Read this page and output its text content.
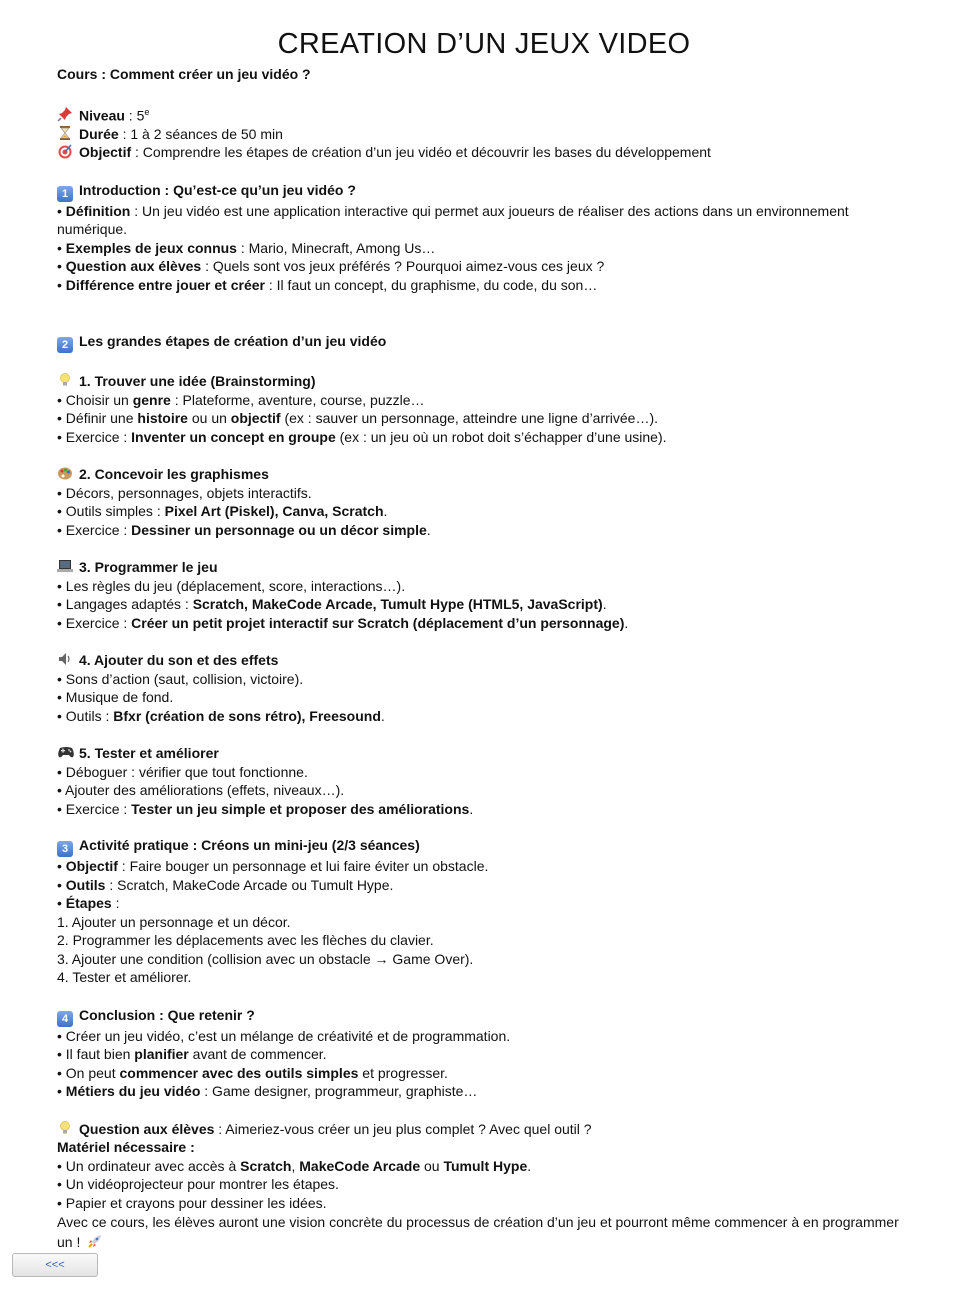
CREATION D’UN JEUX VIDEO

Cours : Comment créer un jeu vidéo ?

Niveau : 5e

Durée : 1 à 2 séances de 50 min

Objectif : Comprendre les étapes de création d’un jeu vidéo et découvrir les bases du développement

1 Introduction : Qu’est-ce qu’un jeu vidéo ?

• Définition : Un jeu vidéo est une application interactive qui permet aux joueurs de réaliser des actions dans un environnement numérique.

• Exemples de jeux connus : Mario, Minecraft, Among Us…

• Question aux élèves : Quels sont vos jeux préférés ? Pourquoi aimez-vous ces jeux ?

• Différence entre jouer et créer : Il faut un concept, du graphisme, du code, du son…

2 Les grandes étapes de création d’un jeu vidéo

1. Trouver une idée (Brainstorming)

• Choisir un genre : Plateforme, aventure, course, puzzle…

• Définir une histoire ou un objectif (ex : sauver un personnage, atteindre une ligne d’arrivée…).

• Exercice : Inventer un concept en groupe (ex : un jeu où un robot doit s’échapper d’une usine).

2. Concevoir les graphismes

• Décors, personnages, objets interactifs.

• Outils simples : Pixel Art (Piskel), Canva, Scratch.

• Exercice : Dessiner un personnage ou un décor simple.

3. Programmer le jeu

• Les règles du jeu (déplacement, score, interactions…).

• Langages adaptés : Scratch, MakeCode Arcade, Tumult Hype (HTML5, JavaScript).

• Exercice : Créer un petit projet interactif sur Scratch (déplacement d’un personnage).

4. Ajouter du son et des effets

• Sons d’action (saut, collision, victoire).

• Musique de fond.

• Outils : Bfxr (création de sons rétro), Freesound.

5. Tester et améliorer

• Déboguer : vérifier que tout fonctionne.

• Ajouter des améliorations (effets, niveaux…).

• Exercice : Tester un jeu simple et proposer des améliorations.

3 Activité pratique : Créons un mini-jeu (2/3 séances)

• Objectif : Faire bouger un personnage et lui faire éviter un obstacle.

• Outils : Scratch, MakeCode Arcade ou Tumult Hype.

• Étapes :

1. Ajouter un personnage et un décor.

2. Programmer les déplacements avec les flèches du clavier.

3. Ajouter une condition (collision avec un obstacle → Game Over).

4. Tester et améliorer.

4 Conclusion : Que retenir ?

• Créer un jeu vidéo, c’est un mélange de créativité et de programmation.

• Il faut bien planifier avant de commencer.

• On peut commencer avec des outils simples et progresser.

• Métiers du jeu vidéo : Game designer, programmeur, graphiste…

Question aux élèves : Aimeriez-vous créer un jeu plus complet ? Avec quel outil ?

Matériel nécessaire :

• Un ordinateur avec accès à Scratch, MakeCode Arcade ou Tumult Hype.

• Un vidéoprojecteur pour montrer les étapes.

• Papier et crayons pour dessiner les idées.

Avec ce cours, les élèves auront une vision concrète du processus de création d’un jeu et pourront même commencer à en programmer un !

<<<
